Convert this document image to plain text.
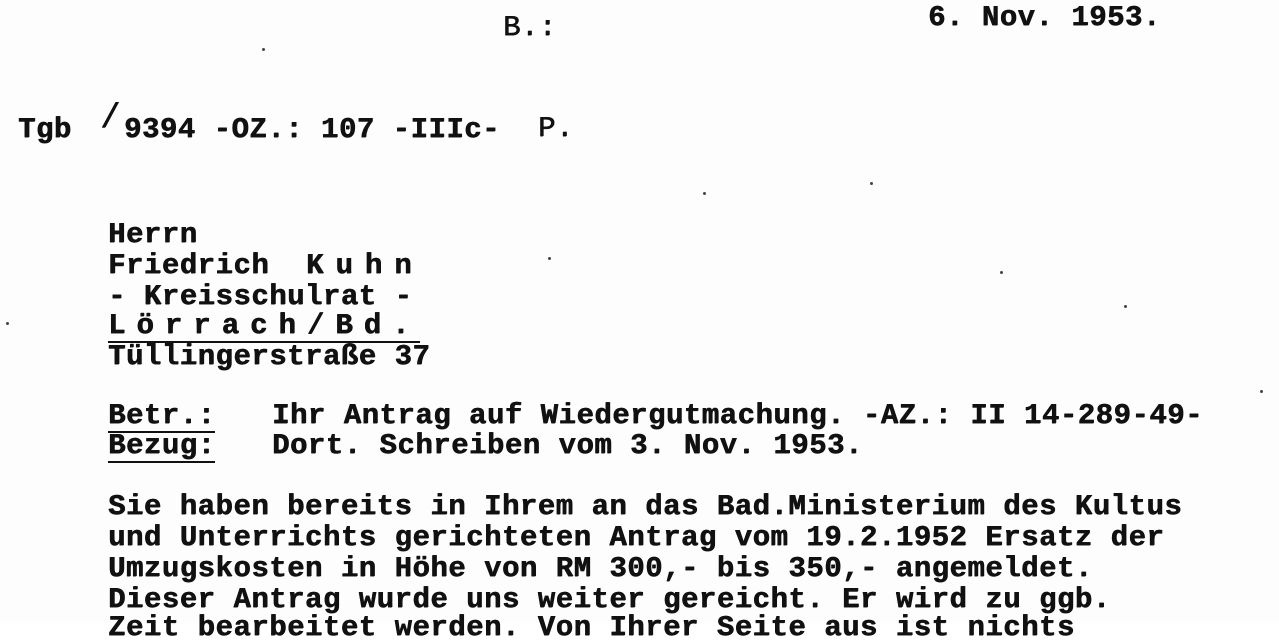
B.:	6. Nov. 1953.
Tgb / 9394 -OZ.: 107 -IIIc- P.
Herrn
Friedrich Kuhn
- Kreisschulrat -
Lörrach/Bd.
Tüllingerstraße 37
Betr.: Ihr Antrag auf Wiedergutmachung. -AZ.: II 14-289-49-
Bezug: Dort. Schreiben vom 3. Nov. 1953.
Sie haben bereits in Ihrem an das Bad.Ministerium des Kultus
und Unterrichts gerichteten Antrag vom 19.2.1952 Ersatz der
Umzugskosten in Höhe von RM 300,- bis 350,- angemeldet.
Dieser Antrag wurde uns weiter gereicht. Er wird zu ggb.
Zeit bearbeitet werden. Von Ihrer Seite aus ist nichts
